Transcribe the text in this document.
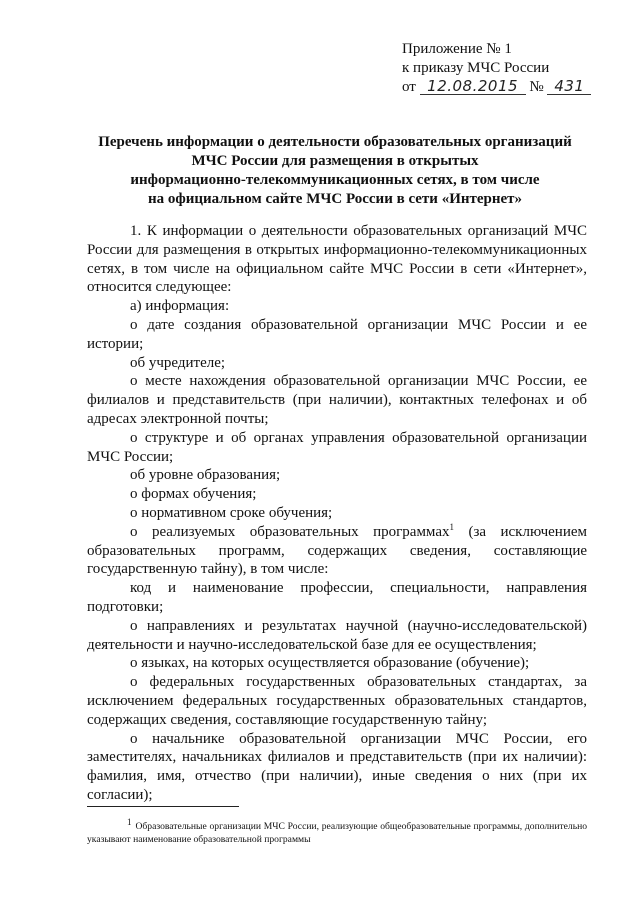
Приложение № 1
к приказу МЧС России
от 12.08.2015 № 431
Перечень информации о деятельности образовательных организаций
МЧС России для размещения в открытых
информационно-телекоммуникационных сетях, в том числе
на официальном сайте МЧС России в сети «Интернет»

1. К информации о деятельности образовательных организаций МЧС России для размещения в открытых информационно-телекоммуникационных сетях, в том числе на официальном сайте МЧС России в сети «Интернет», относится следующее:

а) информация:

о дате создания образовательной организации МЧС России и ее истории;

об учредителе;

о месте нахождения образовательной организации МЧС России, ее филиалов и представительств (при наличии), контактных телефонах и об адресах электронной почты;

о структуре и об органах управления образовательной организации МЧС России;

об уровне образования;

о формах обучения;

о нормативном сроке обучения;

о реализуемых образовательных программах$^1$ (за исключением образовательных программ, содержащих сведения, составляющие государственную тайну), в том числе:

код и наименование профессии, специальности, направления подготовки;

о направлениях и результатах научной (научно-исследовательской) деятельности и научно-исследовательской базе для ее осуществления;

о языках, на которых осуществляется образование (обучение);

о федеральных государственных образовательных стандартах, за исключением федеральных государственных образовательных стандартов, содержащих сведения, составляющие государственную тайну;

о начальнике образовательной организации МЧС России, его заместителях, начальниках филиалов и представительств (при их наличии): фамилия, имя, отчество (при наличии), иные сведения о них (при их согласии);

1 Образовательные организации МЧС России, реализующие общеобразовательные программы, дополнительно указывают наименование образовательной программы
